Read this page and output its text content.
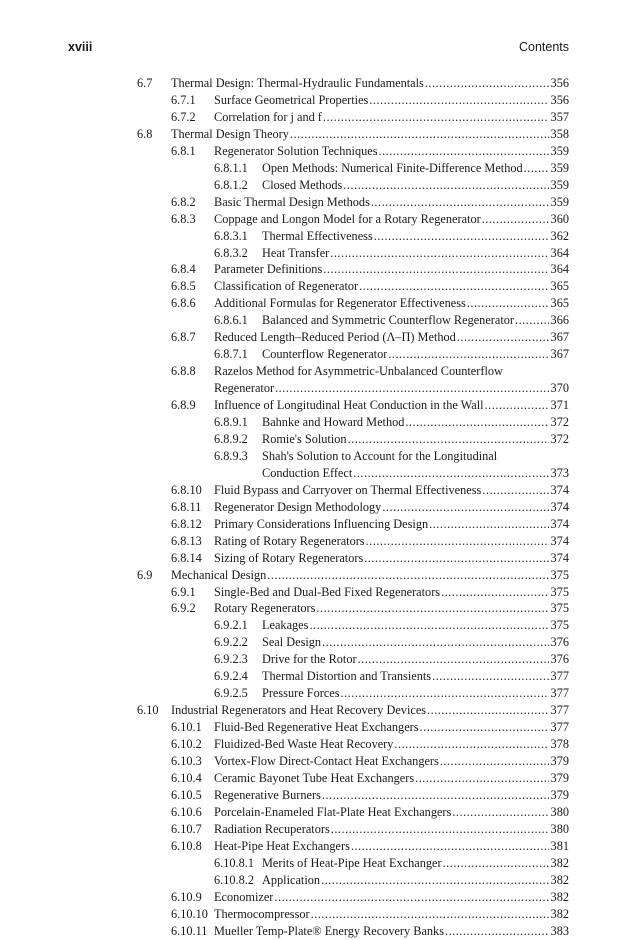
xviii	Contents
6.7 Thermal Design: Thermal-Hydraulic Fundamentals .....	356
6.7.1 Surface Geometrical Properties .....	356
6.7.2 Correlation for j and f .....	357
6.8 Thermal Design Theory .....	358
6.8.1 Regenerator Solution Techniques .....	359
6.8.1.1 Open Methods: Numerical Finite-Difference Method ..... 359
6.8.1.2 Closed Methods .....	359
6.8.2 Basic Thermal Design Methods .....	359
6.8.3 Coppage and Longon Model for a Rotary Regenerator .....	360
6.8.3.1 Thermal Effectiveness .....	362
6.8.3.2 Heat Transfer .....	364
6.8.4 Parameter Definitions .....	364
6.8.5 Classification of Regenerator .....	365
6.8.6 Additional Formulas for Regenerator Effectiveness .....	365
6.8.6.1 Balanced and Symmetric Counterflow Regenerator .....	366
6.8.7 Reduced Length–Reduced Period (Λ–Π) Method .....	367
6.8.7.1 Counterflow Regenerator .....	367
6.8.8 Razelos Method for Asymmetric-Unbalanced Counterflow
Regenerator .....	370
6.8.9 Influence of Longitudinal Heat Conduction in the Wall .....	371
6.8.9.1 Bahnke and Howard Method .....	372
6.8.9.2 Romie's Solution .....	372
6.8.9.3 Shah's Solution to Account for the Longitudinal
Conduction Effect .....	373
6.8.10 Fluid Bypass and Carryover on Thermal Effectiveness .....	374
6.8.11 Regenerator Design Methodology .....	374
6.8.12 Primary Considerations Influencing Design .....	374
6.8.13 Rating of Rotary Regenerators .....	374
6.8.14 Sizing of Rotary Regenerators .....	374
6.9 Mechanical Design .....	375
6.9.1 Single-Bed and Dual-Bed Fixed Regenerators .....	375
6.9.2 Rotary Regenerators .....	375
6.9.2.1 Leakages .....	375
6.9.2.2 Seal Design .....	376
6.9.2.3 Drive for the Rotor .....	376
6.9.2.4 Thermal Distortion and Transients .....	377
6.9.2.5 Pressure Forces .....	377
6.10 Industrial Regenerators and Heat Recovery Devices .....	377
6.10.1 Fluid-Bed Regenerative Heat Exchangers .....	377
6.10.2 Fluidized-Bed Waste Heat Recovery .....	378
6.10.3 Vortex-Flow Direct-Contact Heat Exchangers .....	379
6.10.4 Ceramic Bayonet Tube Heat Exchangers .....	379
6.10.5 Regenerative Burners .....	379
6.10.6 Porcelain-Enameled Flat-Plate Heat Exchangers .....	380
6.10.7 Radiation Recuperators .....	380
6.10.8 Heat-Pipe Heat Exchangers .....	381
6.10.8.1 Merits of Heat-Pipe Heat Exchanger .....	382
6.10.8.2 Application .....	382
6.10.9 Economizer .....	382
6.10.10 Thermocompressor .....	382
6.10.11 Mueller Temp-Plate® Energy Recovery Banks .....	383
